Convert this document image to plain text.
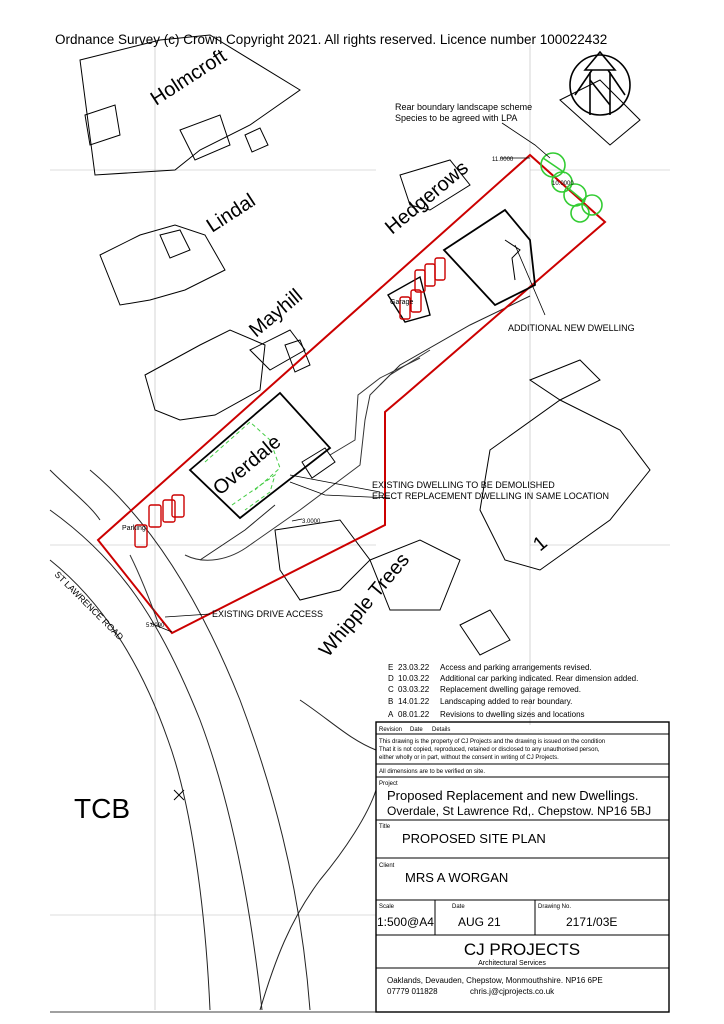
Ordnance Survey (c) Crown Copyright 2021. All rights reserved. Licence number 100022432
Holmcroft
Lindal	Hedgerows
Mayhill
Overdale
Whipple Trees
1
TCB
ST LAWRENCE ROAD
Rear boundary landscape scheme
Species to be agreed with LPA
ADDITIONAL NEW DWELLING
EXISTING DWELLING TO BE DEMOLISHED
ERECT REPLACEMENT DWELLING IN SAME LOCATION
EXISTING DRIVE ACCESS
Garage
Parking
11.0000
10.0000
3.0000
5.0000
E 23.03.22 Access and parking arrangements revised.
D 10.03.22 Additional car parking indicated. Rear dimension added.
C 03.03.22 Replacement dwelling garage removed.
B 14.01.22 Landscaping added to rear boundary.
A 08.01.22 Revisions to dwelling sizes and locations
Revision Date Details
This drawing is the property of CJ Projects and the drawing is issued on the condition
That it is not copied, reproduced, retained or disclosed to any unauthorised person,
either wholly or in part, without the consent in writing of CJ Projects.
All dimensions are to be verified on site.
Project
Proposed Replacement and new Dwellings.
Overdale, St Lawrence Rd,. Chepstow. NP16 5BJ
Title
PROPOSED SITE PLAN
Client
MRS A WORGAN
Scale
1:500@A4
Date
AUG 21
Drawing No.
2171/03E
CJ PROJECTS
Architectural Services
Oaklands, Devauden, Chepstow, Monmouthshire. NP16 6PE
07779 011828	chris.j@cjprojects.co.uk
